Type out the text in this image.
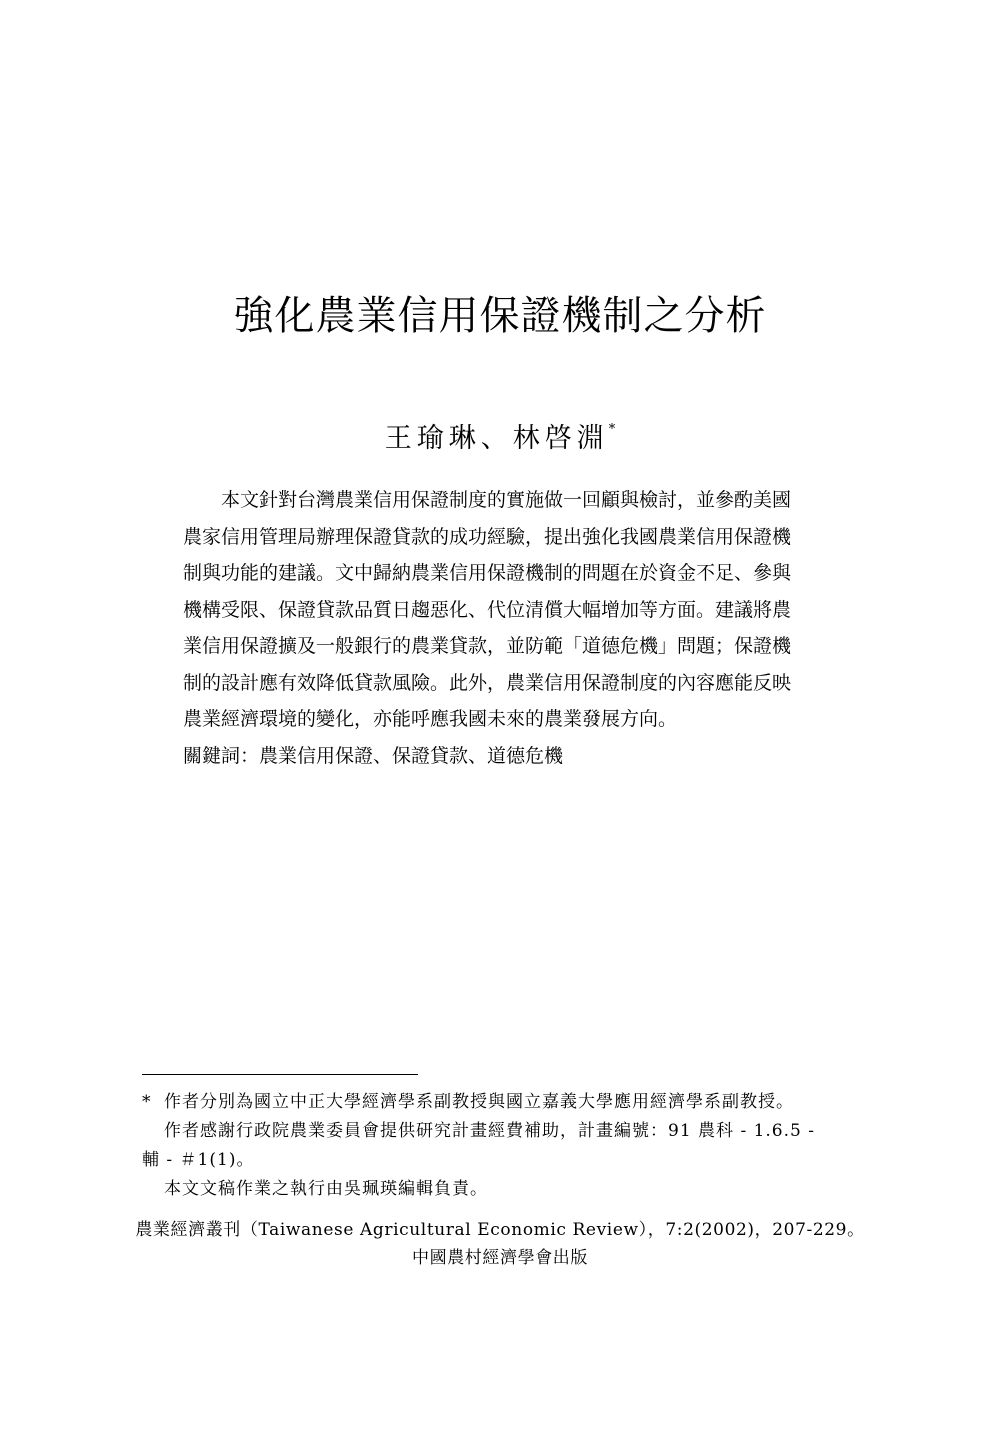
強化農業信用保證機制之分析
王瑜琳、林啓淵*
本文針對台灣農業信用保證制度的實施做一回顧與檢討，並參酌美國
農家信用管理局辦理保證貸款的成功經驗，提出強化我國農業信用保證機
制與功能的建議。文中歸納農業信用保證機制的問題在於資金不足、參與
機構受限、保證貸款品質日趨惡化、代位清償大幅增加等方面。建議將農
業信用保證擴及一般銀行的農業貸款，並防範「道德危機」問題；保證機
制的設計應有效降低貸款風險。此外，農業信用保證制度的內容應能反映
農業經濟環境的變化，亦能呼應我國未來的農業發展方向。
關鍵詞：農業信用保證、保證貸款、道德危機
* 作者分別為國立中正大學經濟學系副教授與國立嘉義大學應用經濟學系副教授。
作者感謝行政院農業委員會提供研究計畫經費補助，計畫編號：91 農科 - 1.6.5 -
輔 - ＃1(1)。
本文文稿作業之執行由吳珮瑛編輯負責。
農業經濟叢刊（Taiwanese Agricultural Economic Review），7:2(2002)，207-229。
中國農村經濟學會出版
